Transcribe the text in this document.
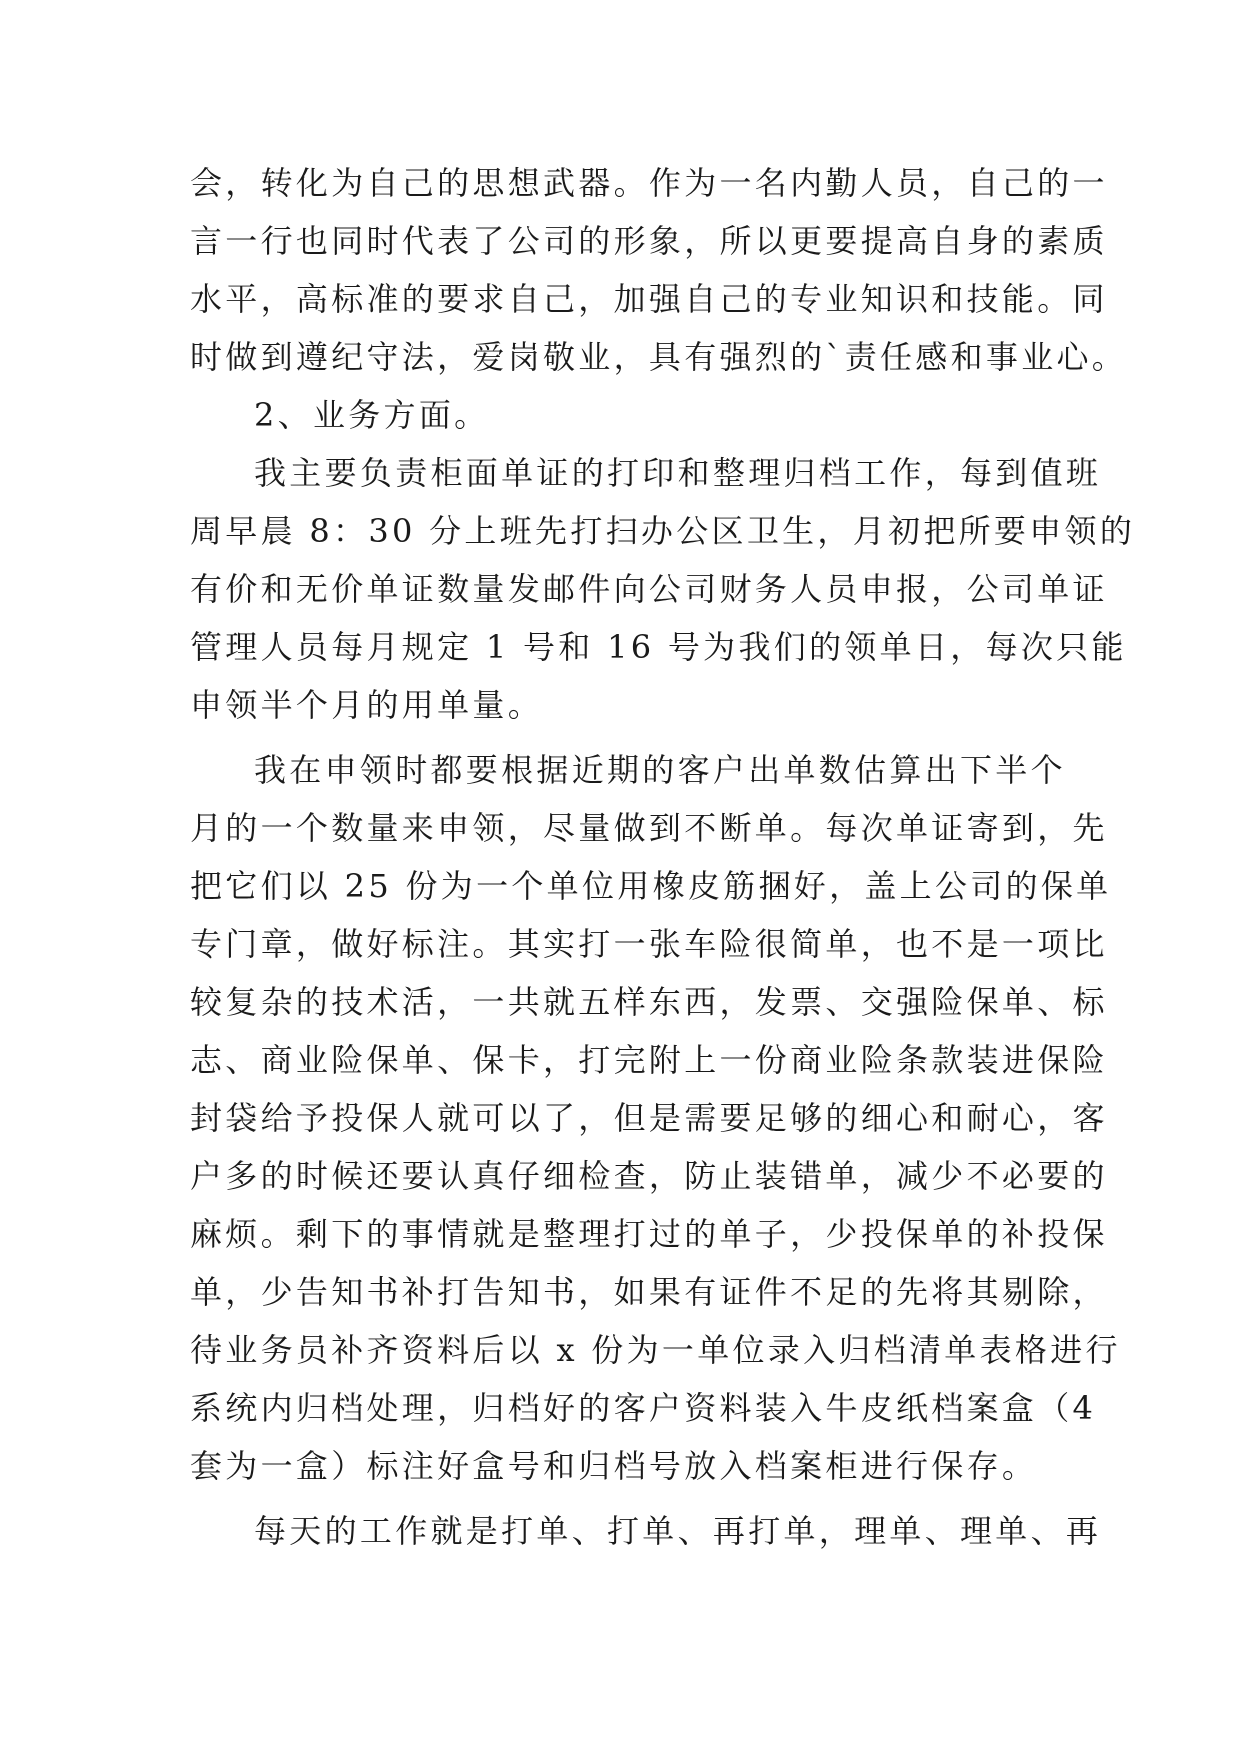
会，转化为自己的思想武器。作为一名内勤人员，自己的一
言一行也同时代表了公司的形象，所以更要提高自身的素质
水平，高标准的要求自己，加强自己的专业知识和技能。同
时做到遵纪守法，爱岗敬业，具有强烈的`责任感和事业心。
2、业务方面。
我主要负责柜面单证的打印和整理归档工作，每到值班
周早晨 8：30 分上班先打扫办公区卫生，月初把所要申领的
有价和无价单证数量发邮件向公司财务人员申报，公司单证
管理人员每月规定 1 号和 16 号为我们的领单日，每次只能
申领半个月的用单量。
我在申领时都要根据近期的客户出单数估算出下半个
月的一个数量来申领，尽量做到不断单。每次单证寄到，先
把它们以 25 份为一个单位用橡皮筋捆好，盖上公司的保单
专门章，做好标注。其实打一张车险很简单，也不是一项比
较复杂的技术活，一共就五样东西，发票、交强险保单、标
志、商业险保单、保卡，打完附上一份商业险条款装进保险
封袋给予投保人就可以了，但是需要足够的细心和耐心，客
户多的时候还要认真仔细检查，防止装错单，减少不必要的
麻烦。剩下的事情就是整理打过的单子，少投保单的补投保
单，少告知书补打告知书，如果有证件不足的先将其剔除，
待业务员补齐资料后以 x 份为一单位录入归档清单表格进行
系统内归档处理，归档好的客户资料装入牛皮纸档案盒（4
套为一盒）标注好盒号和归档号放入档案柜进行保存。
每天的工作就是打单、打单、再打单，理单、理单、再
